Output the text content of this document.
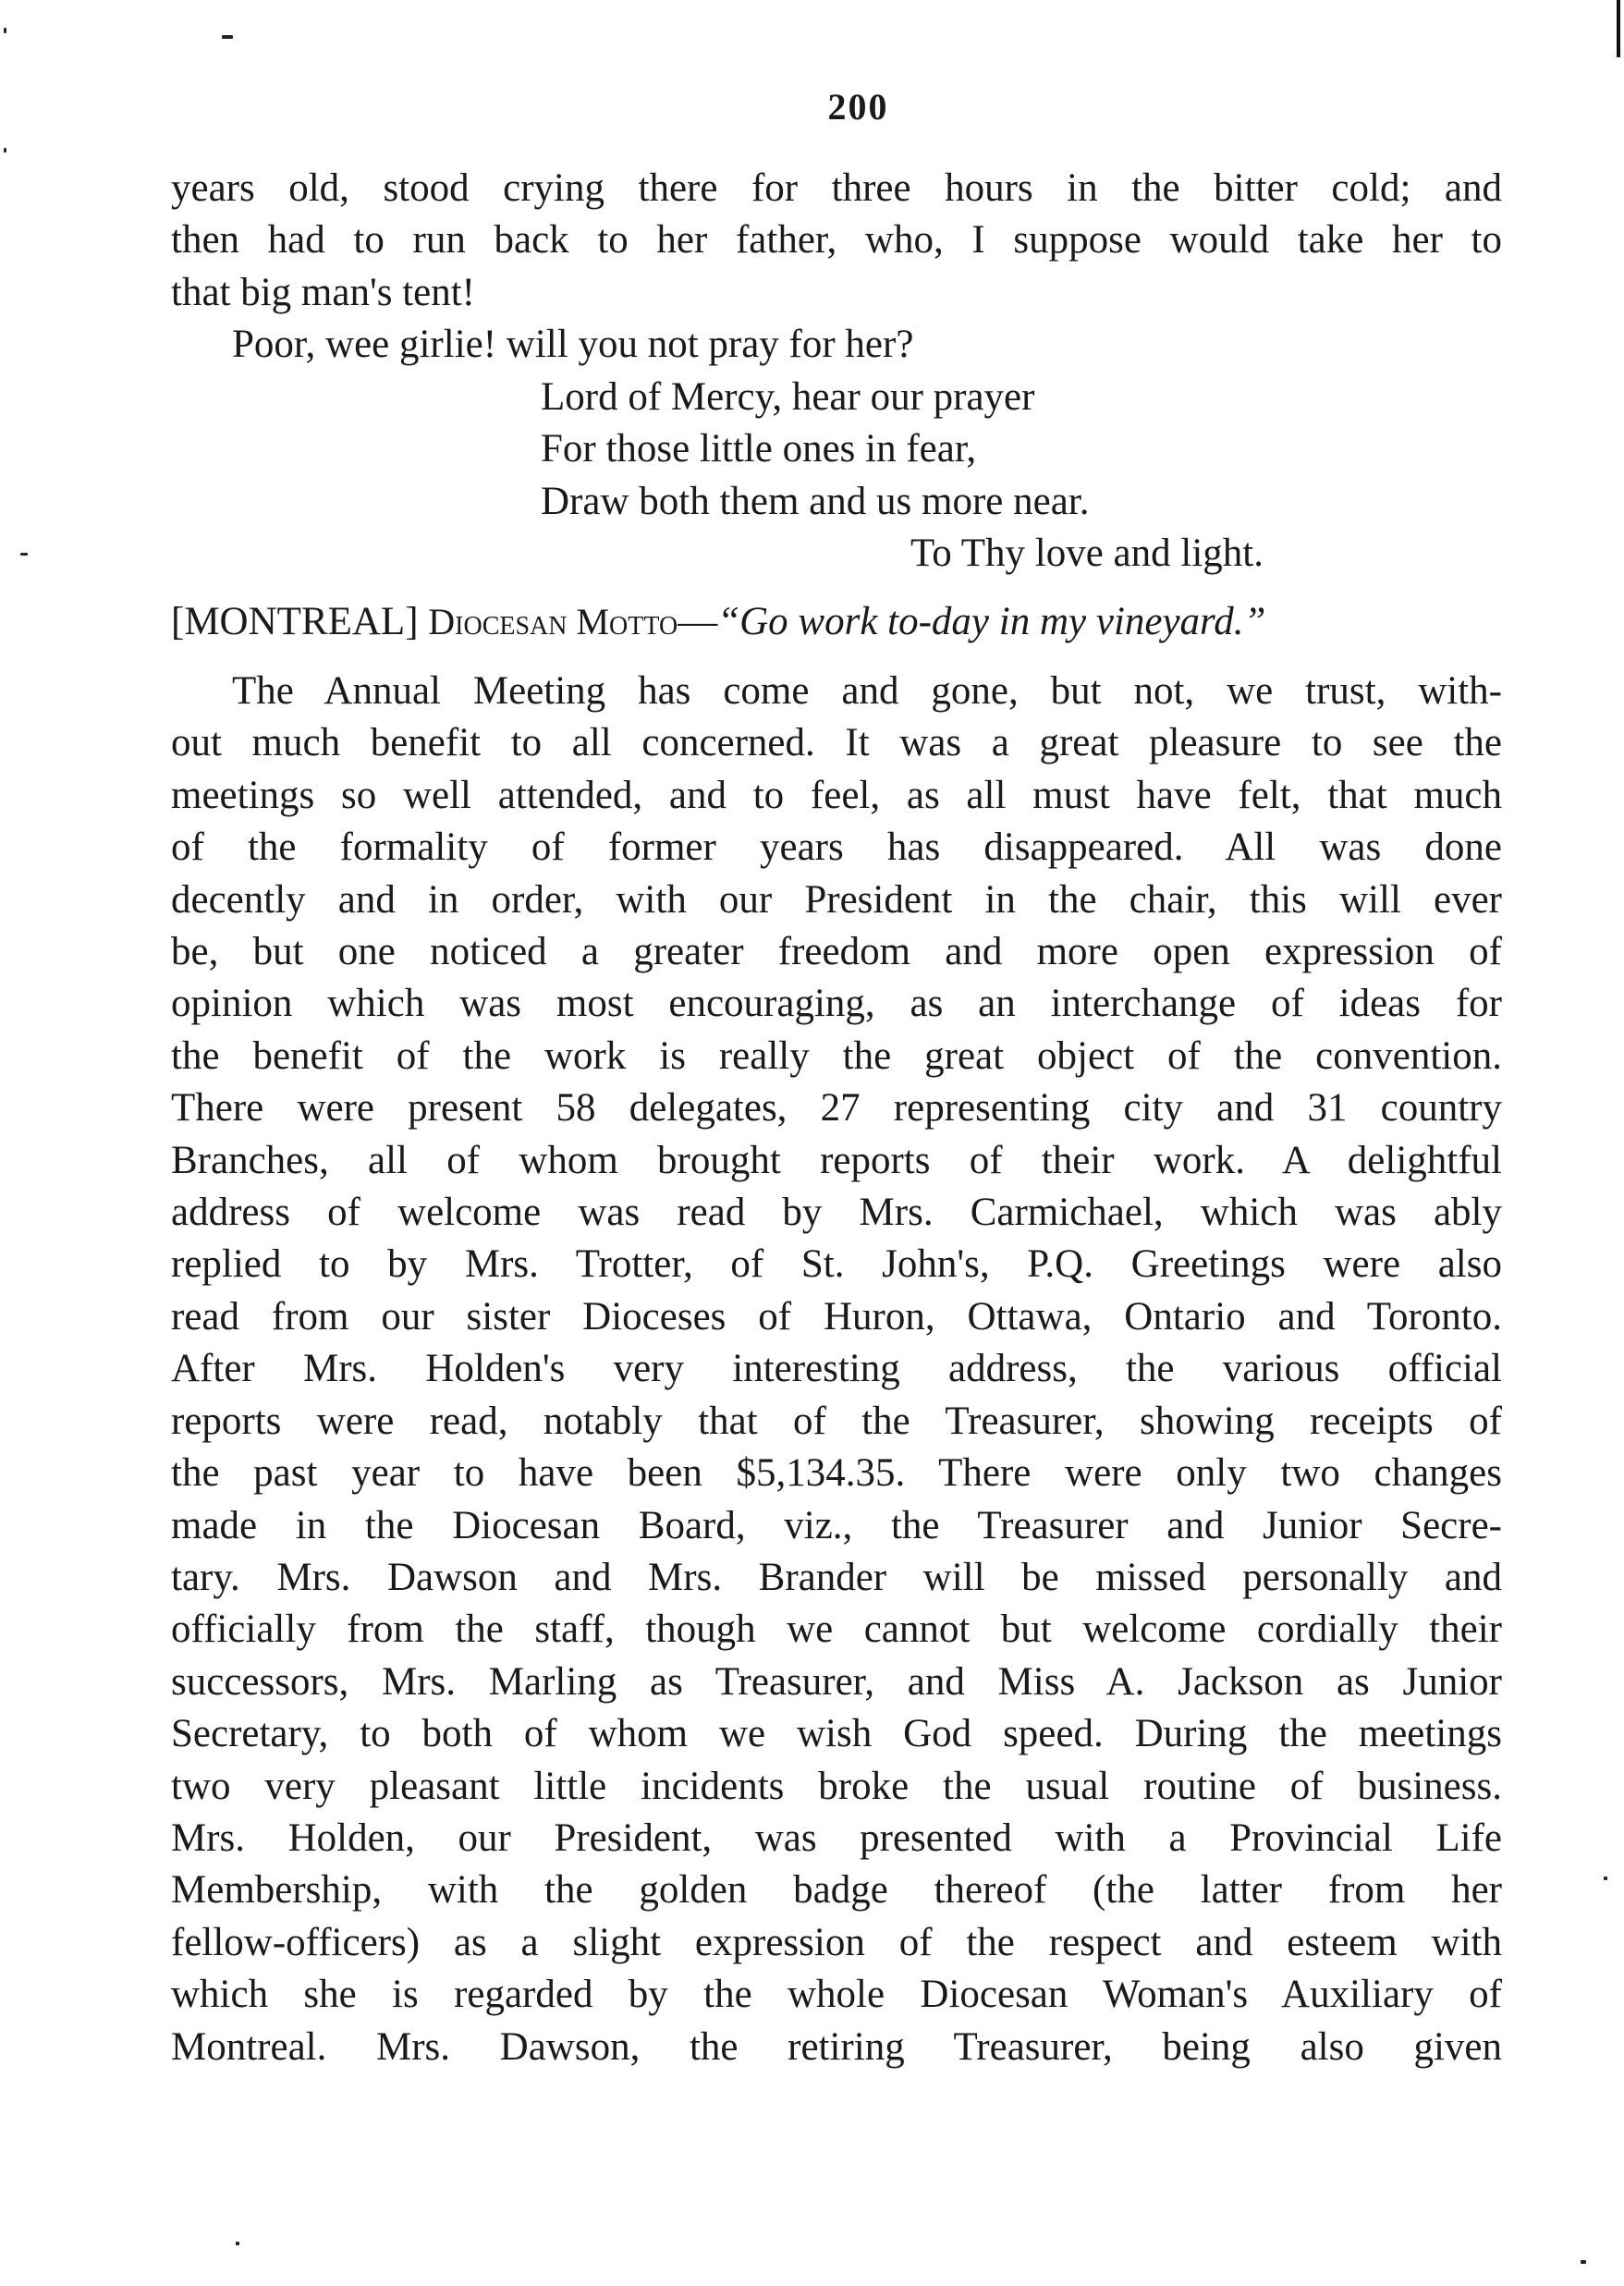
200
years old, stood crying there for three hours in the bitter cold; and
then had to run back to her father, who, I suppose would take her to
that big man's tent!
Poor, wee girlie! will you not pray for her?
Lord of Mercy, hear our prayer
For those little ones in fear,
Draw both them and us more near.
To Thy love and light.
[MONTREAL] Diocesan Motto—“Go work to-day in my vineyard.”
The Annual Meeting has come and gone, but not, we trust, with-
out much benefit to all concerned. It was a great pleasure to see the
meetings so well attended, and to feel, as all must have felt, that much
of the formality of former years has disappeared. All was done
decently and in order, with our President in the chair, this will ever
be, but one noticed a greater freedom and more open expression of
opinion which was most encouraging, as an interchange of ideas for
the benefit of the work is really the great object of the convention.
There were present 58 delegates, 27 representing city and 31 country
Branches, all of whom brought reports of their work. A delightful
address of welcome was read by Mrs. Carmichael, which was ably
replied to by Mrs. Trotter, of St. John's, P.Q. Greetings were also
read from our sister Dioceses of Huron, Ottawa, Ontario and Toronto.
After Mrs. Holden's very interesting address, the various official
reports were read, notably that of the Treasurer, showing receipts of
the past year to have been $5,134.35. There were only two changes
made in the Diocesan Board, viz., the Treasurer and Junior Secre-
tary. Mrs. Dawson and Mrs. Brander will be missed personally and
officially from the staff, though we cannot but welcome cordially their
successors, Mrs. Marling as Treasurer, and Miss A. Jackson as Junior
Secretary, to both of whom we wish God speed. During the meetings
two very pleasant little incidents broke the usual routine of business.
Mrs. Holden, our President, was presented with a Provincial Life
Membership, with the golden badge thereof (the latter from her
fellow-officers) as a slight expression of the respect and esteem with
which she is regarded by the whole Diocesan Woman's Auxiliary of
Montreal. Mrs. Dawson, the retiring Treasurer, being also given
